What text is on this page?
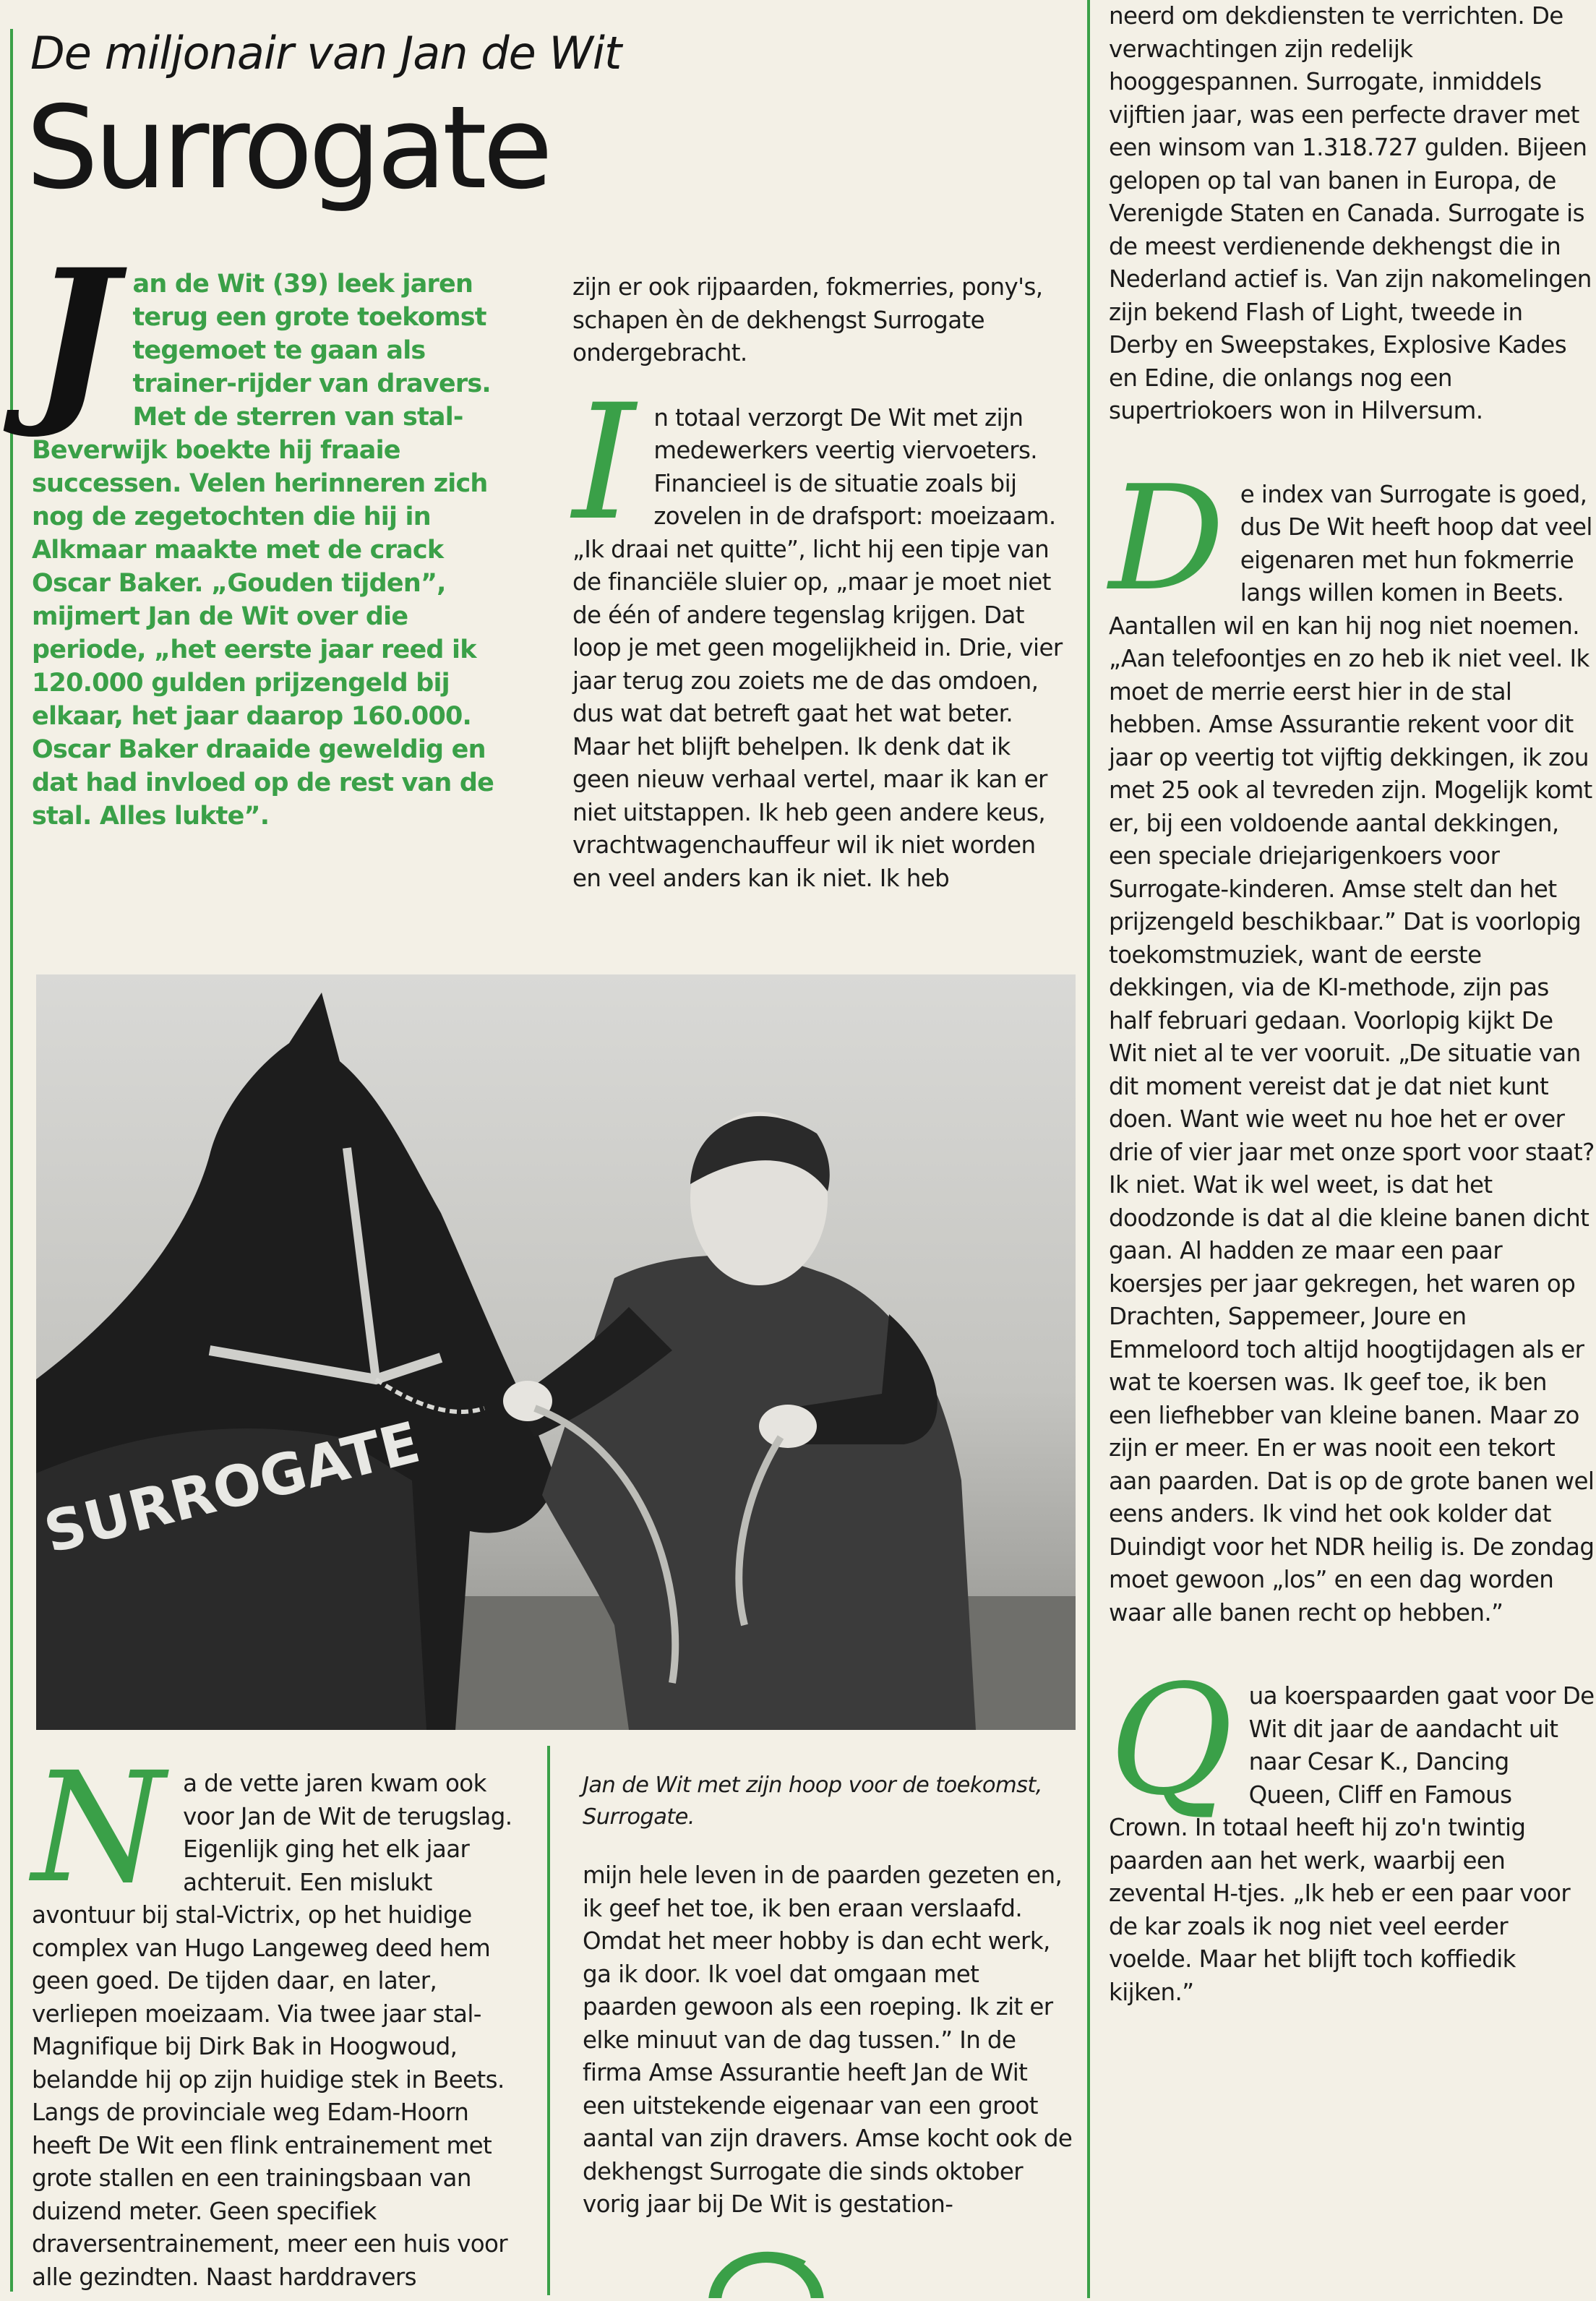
De miljonair van Jan de Wit
Surrogate
J an de Wit (39) leek jaren terug een grote toekomst tegemoet te gaan als trainer-rijder van dravers. Met de sterren van stal-Beverwijk boekte hij fraaie successen. Velen herinneren zich nog de zegetochten die hij in Alkmaar maakte met de crack Oscar Baker. „Gouden tijden”, mijmert Jan de Wit over die periode, „het eerste jaar reed ik 120.000 gulden prijzengeld bij elkaar, het jaar daarop 160.000. Oscar Baker draaide geweldig en dat had invloed op de rest van de stal. Alles lukte”.

zijn er ook rijpaarden, fokmerries, pony's, schapen èn de dekhengst Surrogate ondergebracht.

I n totaal verzorgt De Wit met zijn medewerkers veertig viervoeters. Financieel is de situatie zoals bij zovelen in de drafsport: moeizaam. „Ik draai net quitte”, licht hij een tipje van de financiële sluier op, „maar je moet niet de één of andere tegenslag krijgen. Dat loop je met geen mogelijkheid in. Drie, vier jaar terug zou zoiets me de das omdoen, dus wat dat betreft gaat het wat beter. Maar het blijft behelpen. Ik denk dat ik geen nieuw verhaal vertel, maar ik kan er niet uitstappen. Ik heb geen andere keus, vrachtwagenchauffeur wil ik niet worden en veel anders kan ik niet. Ik heb

neerd om dekdiensten te verrichten. De verwachtingen zijn redelijk hooggespannen. Surrogate, inmiddels vijftien jaar, was een perfecte draver met een winsom van 1.318.727 gulden. Bijeen gelopen op tal van banen in Europa, de Verenigde Staten en Canada. Surrogate is de meest verdienende dekhengst die in Nederland actief is. Van zijn nakomelingen zijn bekend Flash of Light, tweede in Derby en Sweepstakes, Explosive Kades en Edine, die onlangs nog een supertriokoers won in Hilversum.

D e index van Surrogate is goed, dus De Wit heeft hoop dat veel eigenaren met hun fokmerrie langs willen komen in Beets. Aantallen wil en kan hij nog niet noemen. „Aan telefoontjes en zo heb ik niet veel. Ik moet de merrie eerst hier in de stal hebben. Amse Assurantie rekent voor dit jaar op veertig tot vijftig dekkingen, ik zou met 25 ook al tevreden zijn. Mogelijk komt er, bij een voldoende aantal dekkingen, een speciale driejarigenkoers voor Surrogate-kinderen. Amse stelt dan het prijzengeld beschikbaar.” Dat is voorlopig toekomstmuziek, want de eerste dekkingen, via de KI-methode, zijn pas half februari gedaan. Voorlopig kijkt De Wit niet al te ver vooruit. „De situatie van dit moment vereist dat je dat niet kunt doen. Want wie weet nu hoe het er over drie of vier jaar met onze sport voor staat? Ik niet. Wat ik wel weet, is dat het doodzonde is dat al die kleine banen dicht gaan. Al hadden ze maar een paar koersjes per jaar gekregen, het waren op Drachten, Sappemeer, Joure en Emmeloord toch altijd hoogtijdagen als er wat te koersen was. Ik geef toe, ik ben een liefhebber van kleine banen. Maar zo zijn er meer. En er was nooit een tekort aan paarden. Dat is op de grote banen wel eens anders. Ik vind het ook kolder dat Duindigt voor het NDR heilig is. De zondag moet gewoon „los” en een dag worden waar alle banen recht op hebben.”

Q ua koerspaarden gaat voor De Wit dit jaar de aandacht uit naar Cesar K., Dancing Queen, Cliff en Famous Crown. In totaal heeft hij zo'n twintig paarden aan het werk, waarbij een zevental H-tjes. „Ik heb er een paar voor de kar zoals ik nog niet veel eerder voelde. Maar het blijft toch koffiedik kijken.”

SURROGATE
Jan de Wit met zijn hoop voor de toekomst, Surrogate.
N a de vette jaren kwam ook voor Jan de Wit de terugslag. Eigenlijk ging het elk jaar achteruit. Een mislukt avontuur bij stal-Victrix, op het huidige complex van Hugo Langeweg deed hem geen goed. De tijden daar, en later, verliepen moeizaam. Via twee jaar stal-Magnifique bij Dirk Bak in Hoogwoud, belandde hij op zijn huidige stek in Beets. Langs de provinciale weg Edam-Hoorn heeft De Wit een flink entrainement met grote stallen en een trainingsbaan van duizend meter. Geen specifiek draversentrainement, meer een huis voor alle gezindten. Naast harddravers
mijn hele leven in de paarden gezeten en, ik geef het toe, ik ben eraan verslaafd. Omdat het meer hobby is dan echt werk, ga ik door. Ik voel dat omgaan met paarden gewoon als een roeping. Ik zit er elke minuut van de dag tussen.” In de firma Amse Assurantie heeft Jan de Wit een uitstekende eigenaar van een groot aantal van zijn dravers. Amse kocht ook de dekhengst Surrogate die sinds oktober vorig jaar bij De Wit is gestation-
